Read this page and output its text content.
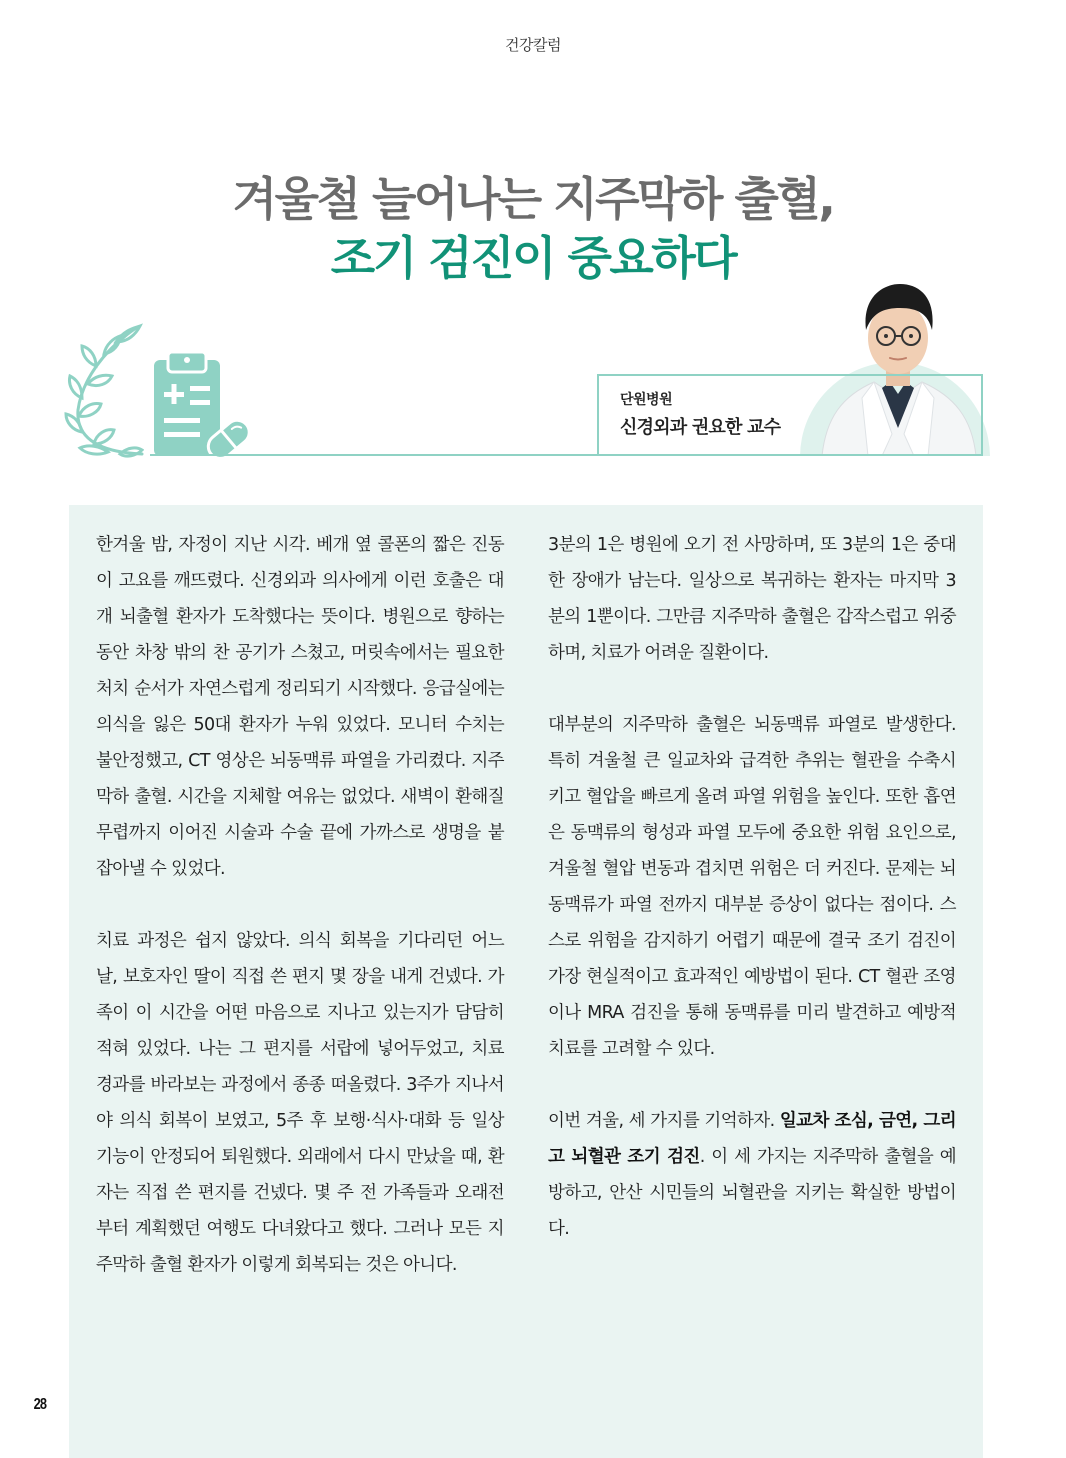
건강칼럼
겨울철 늘어나는 지주막하 출혈,
조기 검진이 중요하다
단원병원
신경외과 권요한 교수

한겨울 밤, 자정이 지난 시각. 베개 옆 콜폰의 짧은 진동이 고요를 깨뜨렸다. 신경외과 의사에게 이런 호출은 대개 뇌출혈 환자가 도착했다는 뜻이다. 병원으로 향하는 동안 차창 밖의 찬 공기가 스쳤고, 머릿속에서는 필요한 처치 순서가 자연스럽게 정리되기 시작했다. 응급실에는 의식을 잃은 50대 환자가 누워 있었다. 모니터 수치는 불안정했고, CT 영상은 뇌동맥류 파열을 가리켰다. 지주막하 출혈. 시간을 지체할 여유는 없었다. 새벽이 환해질 무렵까지 이어진 시술과 수술 끝에 가까스로 생명을 붙잡아낼 수 있었다.

치료 과정은 쉽지 않았다. 의식 회복을 기다리던 어느 날, 보호자인 딸이 직접 쓴 편지 몇 장을 내게 건넸다. 가족이 이 시간을 어떤 마음으로 지나고 있는지가 담담히 적혀 있었다. 나는 그 편지를 서랍에 넣어두었고, 치료 경과를 바라보는 과정에서 종종 떠올렸다. 3주가 지나서야 의식 회복이 보였고, 5주 후 보행·식사·대화 등 일상 기능이 안정되어 퇴원했다. 외래에서 다시 만났을 때, 환자는 직접 쓴 편지를 건넸다. 몇 주 전 가족들과 오래전부터 계획했던 여행도 다녀왔다고 했다. 그러나 모든 지주막하 출혈 환자가 이렇게 회복되는 것은 아니다.

3분의 1은 병원에 오기 전 사망하며, 또 3분의 1은 중대한 장애가 남는다. 일상으로 복귀하는 환자는 마지막 3분의 1뿐이다. 그만큼 지주막하 출혈은 갑작스럽고 위중하며, 치료가 어려운 질환이다.

대부분의 지주막하 출혈은 뇌동맥류 파열로 발생한다. 특히 겨울철 큰 일교차와 급격한 추위는 혈관을 수축시키고 혈압을 빠르게 올려 파열 위험을 높인다. 또한 흡연은 동맥류의 형성과 파열 모두에 중요한 위험 요인으로, 겨울철 혈압 변동과 겹치면 위험은 더 커진다. 문제는 뇌동맥류가 파열 전까지 대부분 증상이 없다는 점이다. 스스로 위험을 감지하기 어렵기 때문에 결국 조기 검진이 가장 현실적이고 효과적인 예방법이 된다. CT 혈관 조영이나 MRA 검진을 통해 동맥류를 미리 발견하고 예방적 치료를 고려할 수 있다.

이번 겨울, 세 가지를 기억하자. 일교차 조심, 금연, 그리고 뇌혈관 조기 검진. 이 세 가지는 지주막하 출혈을 예방하고, 안산 시민들의 뇌혈관을 지키는 확실한 방법이다.

28
